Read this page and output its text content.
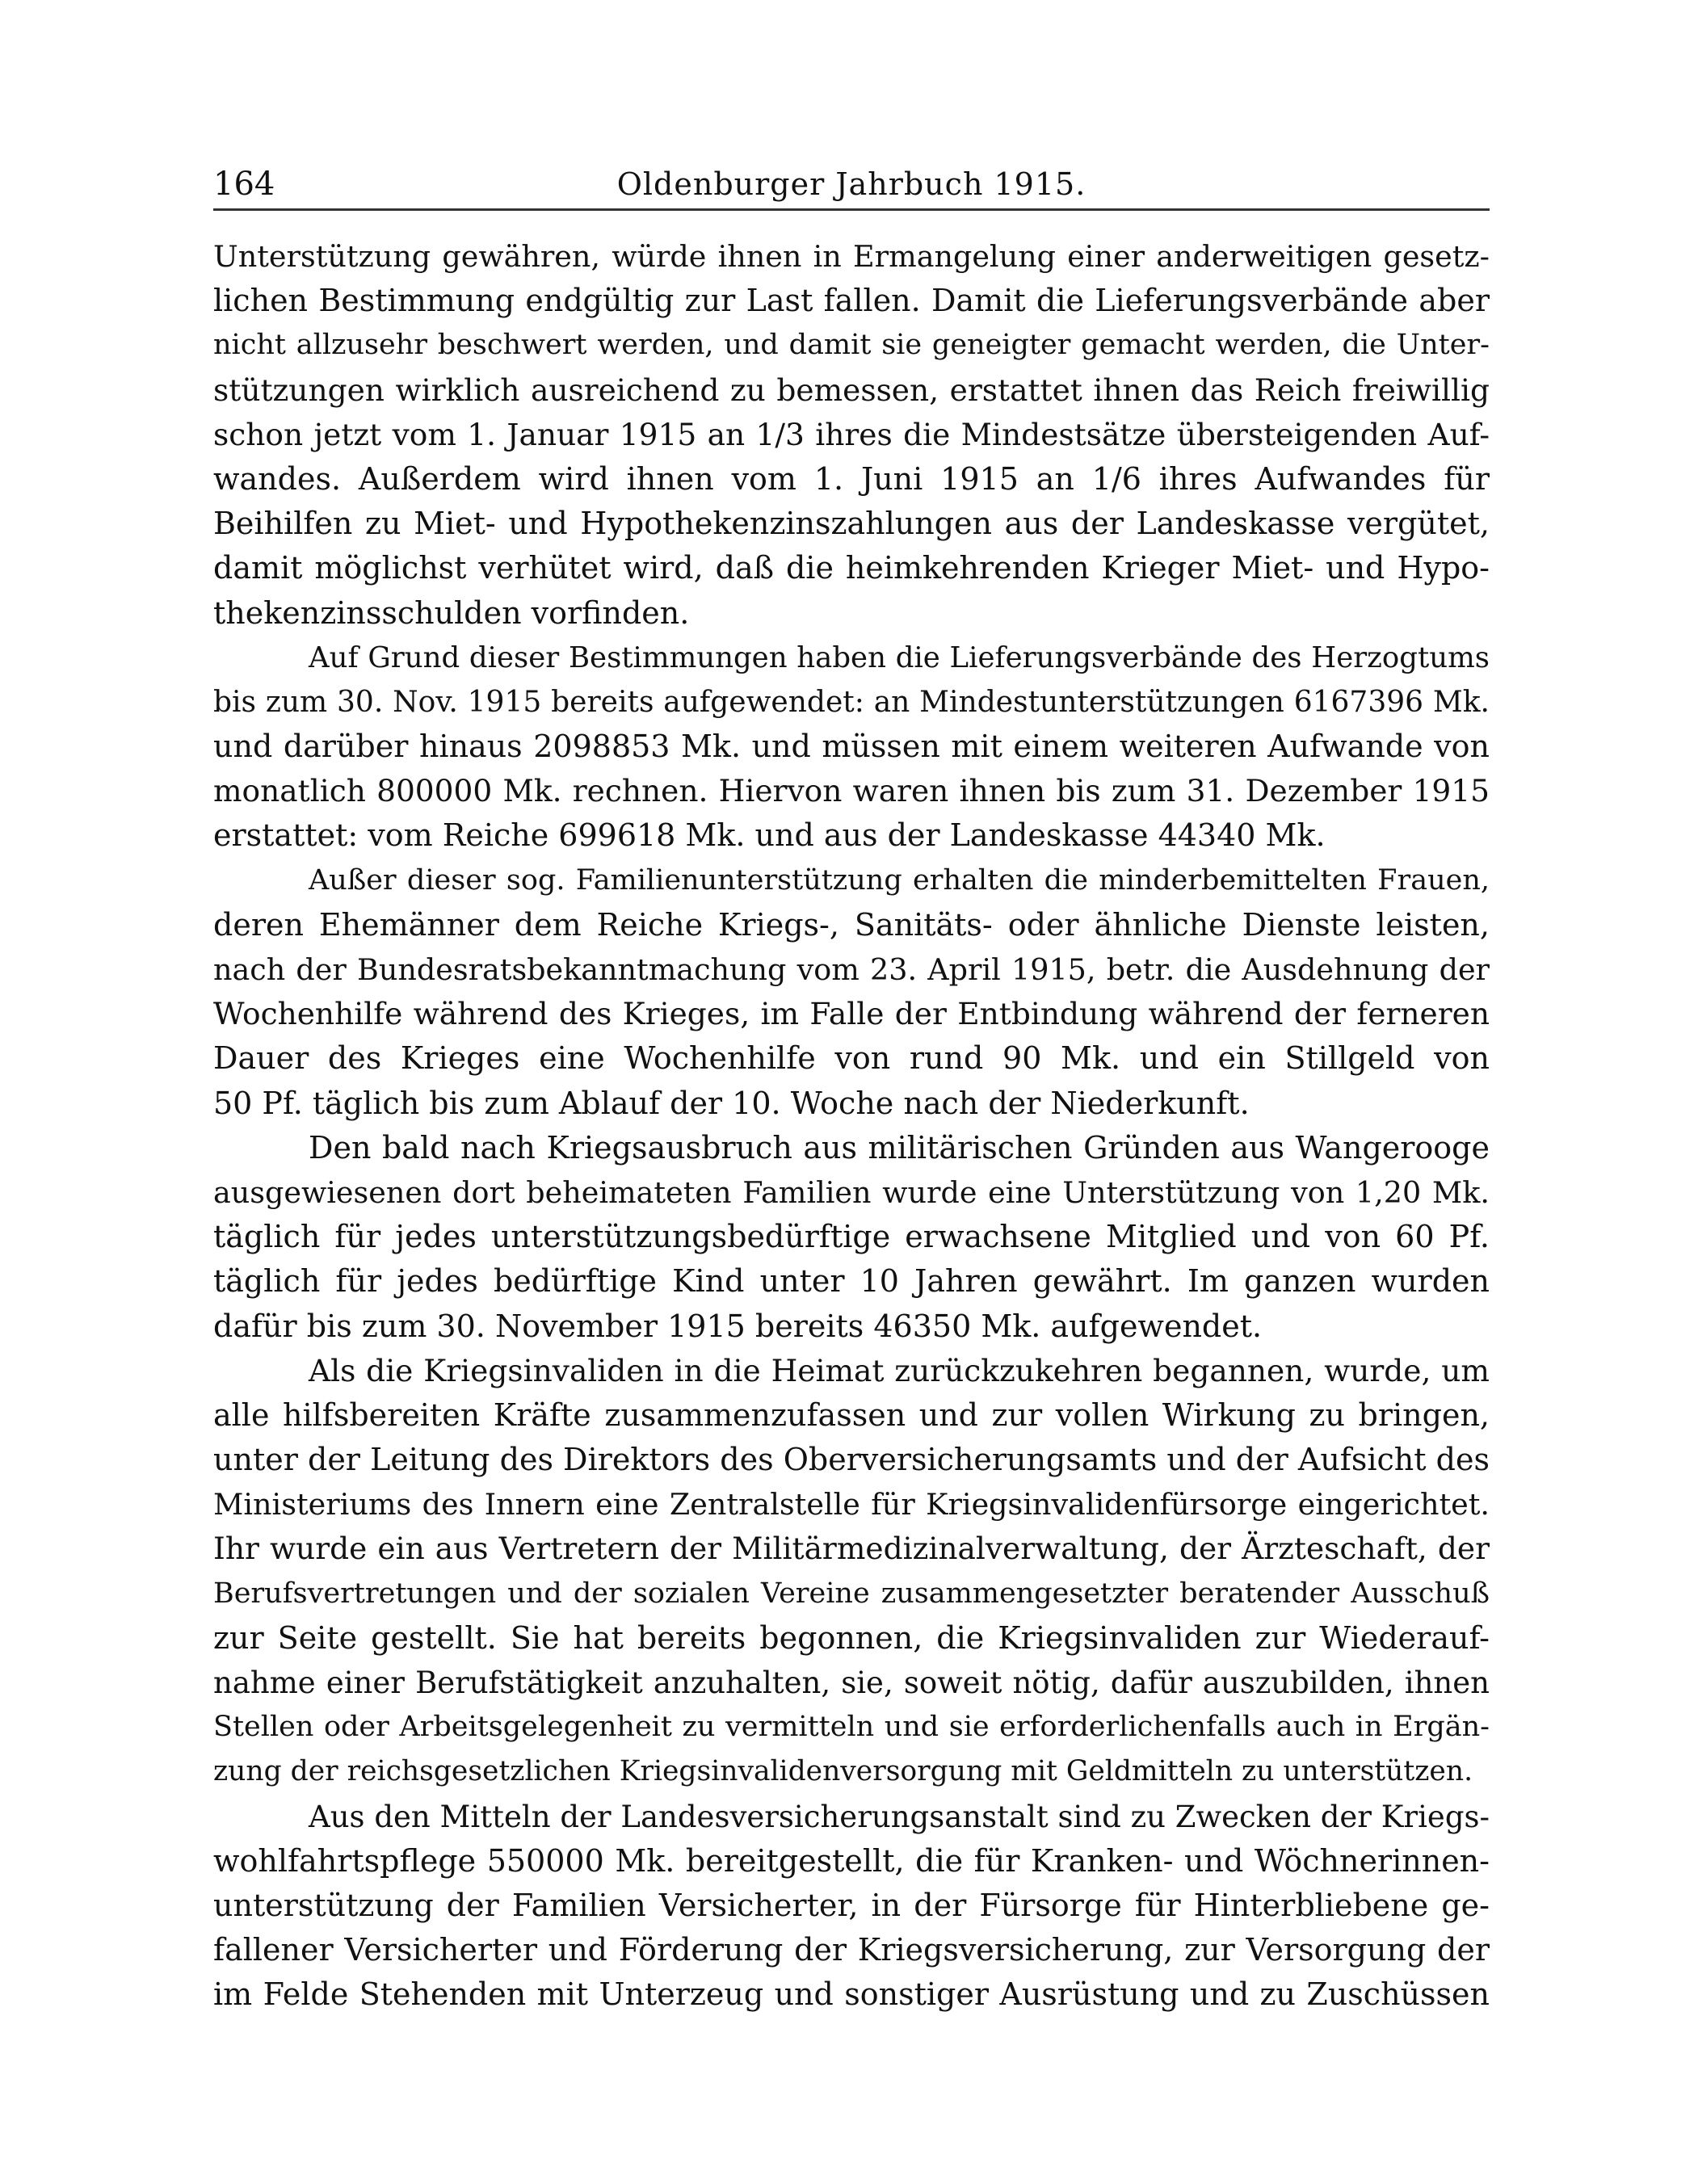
164	Oldenburger Jahrbuch 1915.
Unterstützung gewähren, würde ihnen in Ermangelung einer anderweitigen gesetz-
lichen Bestimmung endgültig zur Last fallen. Damit die Lieferungsverbände aber
nicht allzusehr beschwert werden, und damit sie geneigter gemacht werden, die Unter-
stützungen wirklich ausreichend zu bemessen, erstattet ihnen das Reich freiwillig
schon jetzt vom 1. Januar 1915 an 1/3 ihres die Mindestsätze übersteigenden Auf-
wandes. Außerdem wird ihnen vom 1. Juni 1915 an 1/6 ihres Aufwandes für
Beihilfen zu Miet- und Hypothekenzinszahlungen aus der Landeskasse vergütet,
damit möglichst verhütet wird, daß die heimkehrenden Krieger Miet- und Hypo-
thekenzinsschulden vorfinden.
Auf Grund dieser Bestimmungen haben die Lieferungsverbände des Herzogtums
bis zum 30. Nov. 1915 bereits aufgewendet: an Mindestunterstützungen 6167396 Mk.
und darüber hinaus 2098853 Mk. und müssen mit einem weiteren Aufwande von
monatlich 800000 Mk. rechnen. Hiervon waren ihnen bis zum 31. Dezember 1915
erstattet: vom Reiche 699618 Mk. und aus der Landeskasse 44340 Mk.
Außer dieser sog. Familienunterstützung erhalten die minderbemittelten Frauen,
deren Ehemänner dem Reiche Kriegs-, Sanitäts- oder ähnliche Dienste leisten,
nach der Bundesratsbekanntmachung vom 23. April 1915, betr. die Ausdehnung der
Wochenhilfe während des Krieges, im Falle der Entbindung während der ferneren
Dauer des Krieges eine Wochenhilfe von rund 90 Mk. und ein Stillgeld von
50 Pf. täglich bis zum Ablauf der 10. Woche nach der Niederkunft.
Den bald nach Kriegsausbruch aus militärischen Gründen aus Wangerooge
ausgewiesenen dort beheimateten Familien wurde eine Unterstützung von 1,20 Mk.
täglich für jedes unterstützungsbedürftige erwachsene Mitglied und von 60 Pf.
täglich für jedes bedürftige Kind unter 10 Jahren gewährt. Im ganzen wurden
dafür bis zum 30. November 1915 bereits 46350 Mk. aufgewendet.
Als die Kriegsinvaliden in die Heimat zurückzukehren begannen, wurde, um
alle hilfsbereiten Kräfte zusammenzufassen und zur vollen Wirkung zu bringen,
unter der Leitung des Direktors des Oberversicherungsamts und der Aufsicht des
Ministeriums des Innern eine Zentralstelle für Kriegsinvalidenfürsorge eingerichtet.
Ihr wurde ein aus Vertretern der Militärmedizinalverwaltung, der Ärzteschaft, der
Berufsvertretungen und der sozialen Vereine zusammengesetzter beratender Ausschuß
zur Seite gestellt. Sie hat bereits begonnen, die Kriegsinvaliden zur Wiederauf-
nahme einer Berufstätigkeit anzuhalten, sie, soweit nötig, dafür auszubilden, ihnen
Stellen oder Arbeitsgelegenheit zu vermitteln und sie erforderlichenfalls auch in Ergän-
zung der reichsgesetzlichen Kriegsinvalidenversorgung mit Geldmitteln zu unterstützen.
Aus den Mitteln der Landesversicherungsanstalt sind zu Zwecken der Kriegs-
wohlfahrtspflege 550000 Mk. bereitgestellt, die für Kranken- und Wöchnerinnen-
unterstützung der Familien Versicherter, in der Fürsorge für Hinterbliebene ge-
fallener Versicherter und Förderung der Kriegsversicherung, zur Versorgung der
im Felde Stehenden mit Unterzeug und sonstiger Ausrüstung und zu Zuschüssen
